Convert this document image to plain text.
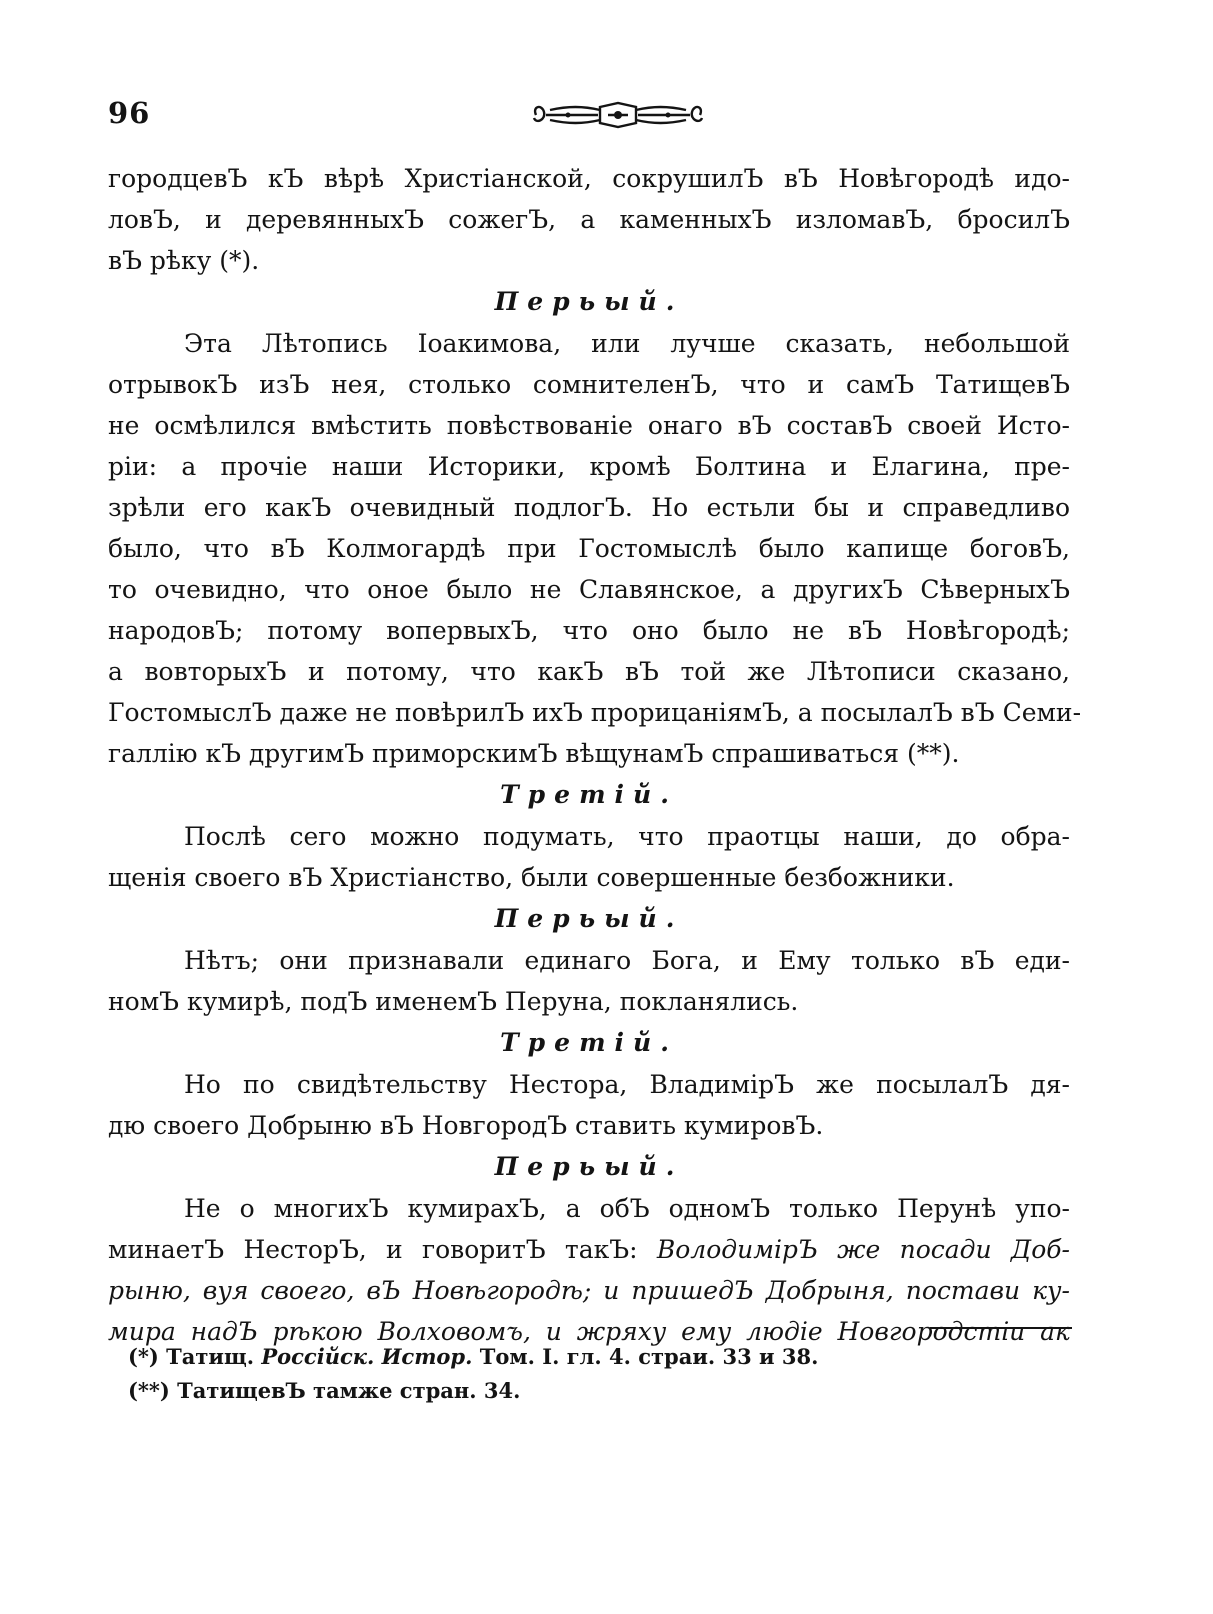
96
городцевЪ кЪ вѣрѣ Христіанской, сокрушилЪ вЪ Новѣгородѣ идо-
ловЪ, и деревянныхЪ сожегЪ, а каменныхЪ изломавЪ, бросилЪ
вЪ рѣку (*).
Перьый.
Эта Лѣтопись Іоакимова, или лучше сказать, небольшой
отрывокЪ изЪ нея, столько сомнителенЪ, что и самЪ ТатищевЪ
не осмѣлился вмѣстить повѣствованіе онаго вЪ составЪ своей Исто-
ріи: а прочіе наши Историки, кромѣ Болтина и Елагина, пре-
зрѣли его какЪ очевидный подлогЪ. Но естьли бы и справедливо
было, что вЪ Колмогардѣ при Гостомыслѣ было капище боговЪ,
то очевидно, что оное было не Славянское, а другихЪ СѣверныхЪ
народовЪ; потому вопервыхЪ, что оно было не вЪ Новѣгородѣ;
а вовторыхЪ и потому, что какЪ вЪ той же Лѣтописи сказано,
ГостомыслЪ даже не повѣрилЪ ихЪ прорицаніямЪ, а посылалЪ вЪ Семи-
галлію кЪ другимЪ приморскимЪ вѣщунамЪ спрашиваться (**).
Третій.
Послѣ сего можно подумать, что праотцы наши, до обра-
щенія своего вЪ Христіанство, были совершенные безбожники.
Перьый.
Нѣтъ; они признавали единаго Бога, и Ему только вЪ еди-
номЪ кумирѣ, подЪ именемЪ Перуна, покланялись.
Третій.
Но по свидѣтельству Нестора, ВладимірЪ же посылалЪ дя-
дю своего Добрыню вЪ НовгородЪ ставить кумировЪ.
Перьый.
Не о многихЪ кумирахЪ, а обЪ одномЪ только Перунѣ упо-
минаетЪ НесторЪ, и говоритЪ такЪ: ВолодимірЪ же посади Доб-
рыню, вуя своего, вЪ Новѣгородѣ; и пришедЪ Добрыня, постави ку-
мира надЪ рѣкою Волховомъ, и жряху ему людіе Новгородстіи ак
(*) Татищ. Россійск. Истор. Том. I. гл. 4. страи. 33 и 38.
(**) ТатищевЪ тамже стран. 34.
